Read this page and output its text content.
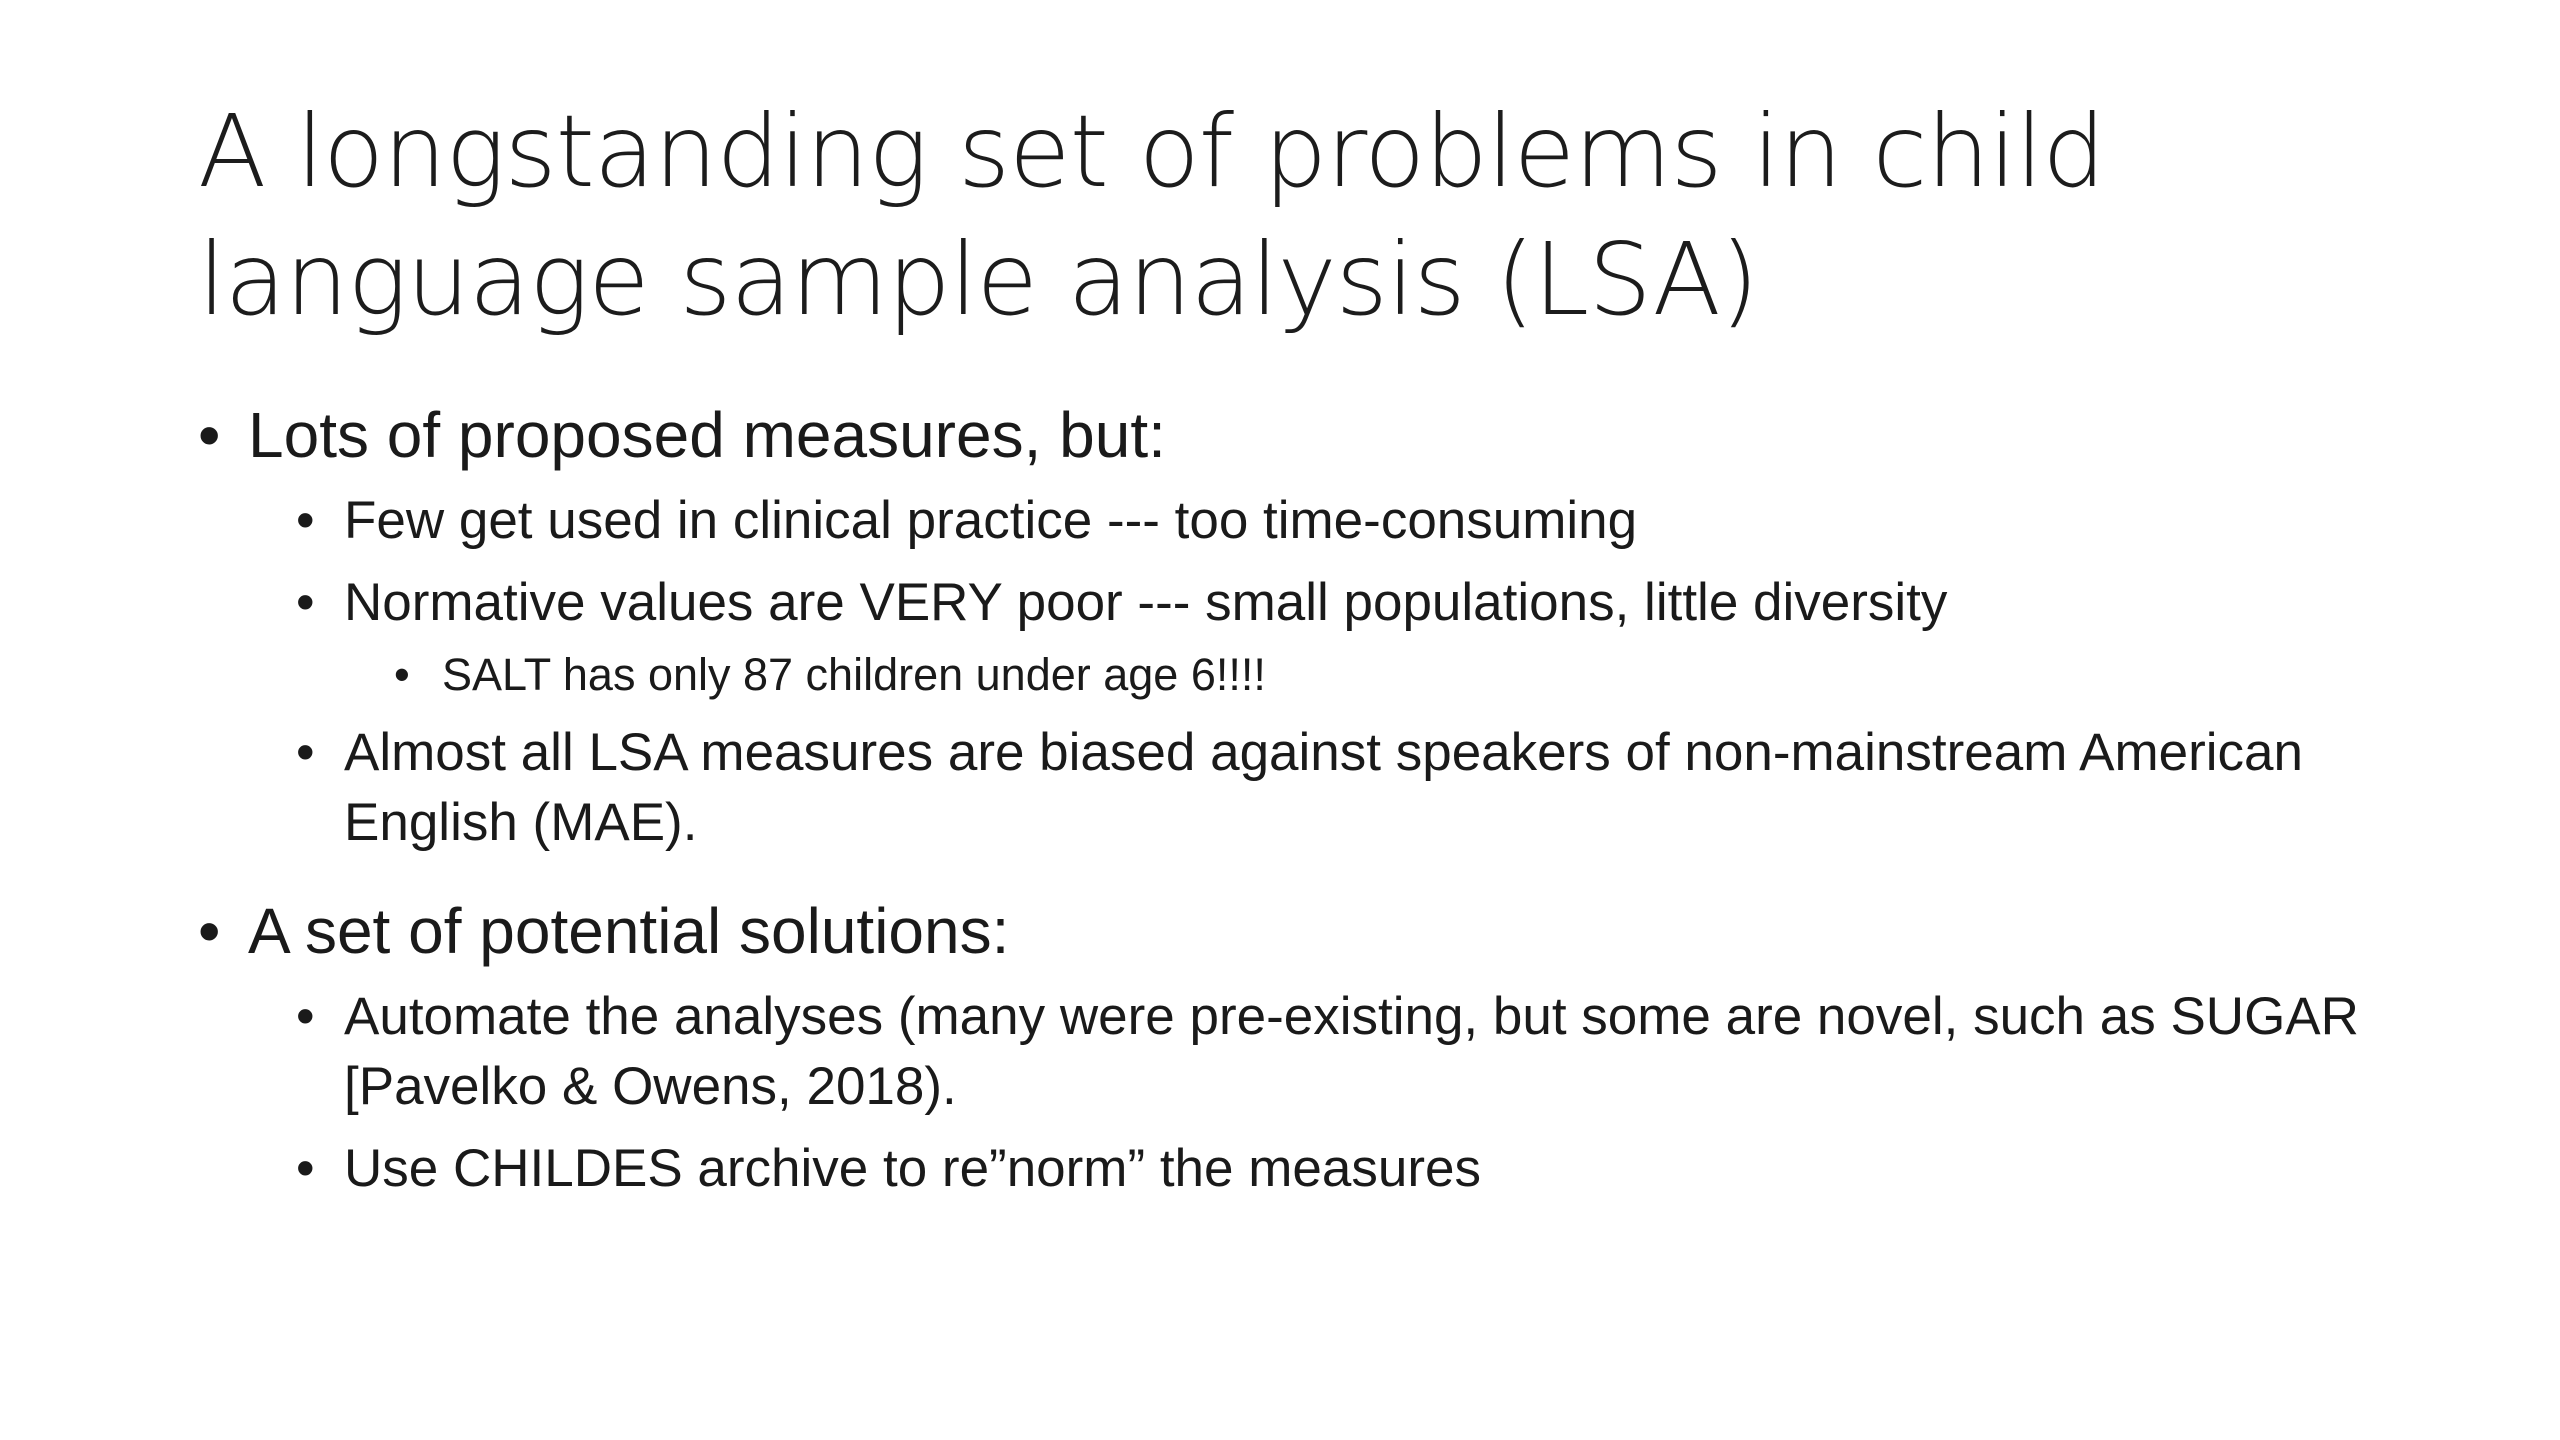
A longstanding set of problems in child
language sample analysis (LSA)

• Lots of proposed measures, but:

• Few get used in clinical practice --- too time-consuming

• Normative values are VERY poor --- small populations, little diversity

• SALT has only 87 children under age 6!!!!

• Almost all LSA measures are biased against speakers of non-mainstream American English (MAE).

• A set of potential solutions:

• Automate the analyses (many were pre-existing, but some are novel, such as SUGAR [Pavelko & Owens, 2018).

• Use CHILDES archive to re”norm” the measures
